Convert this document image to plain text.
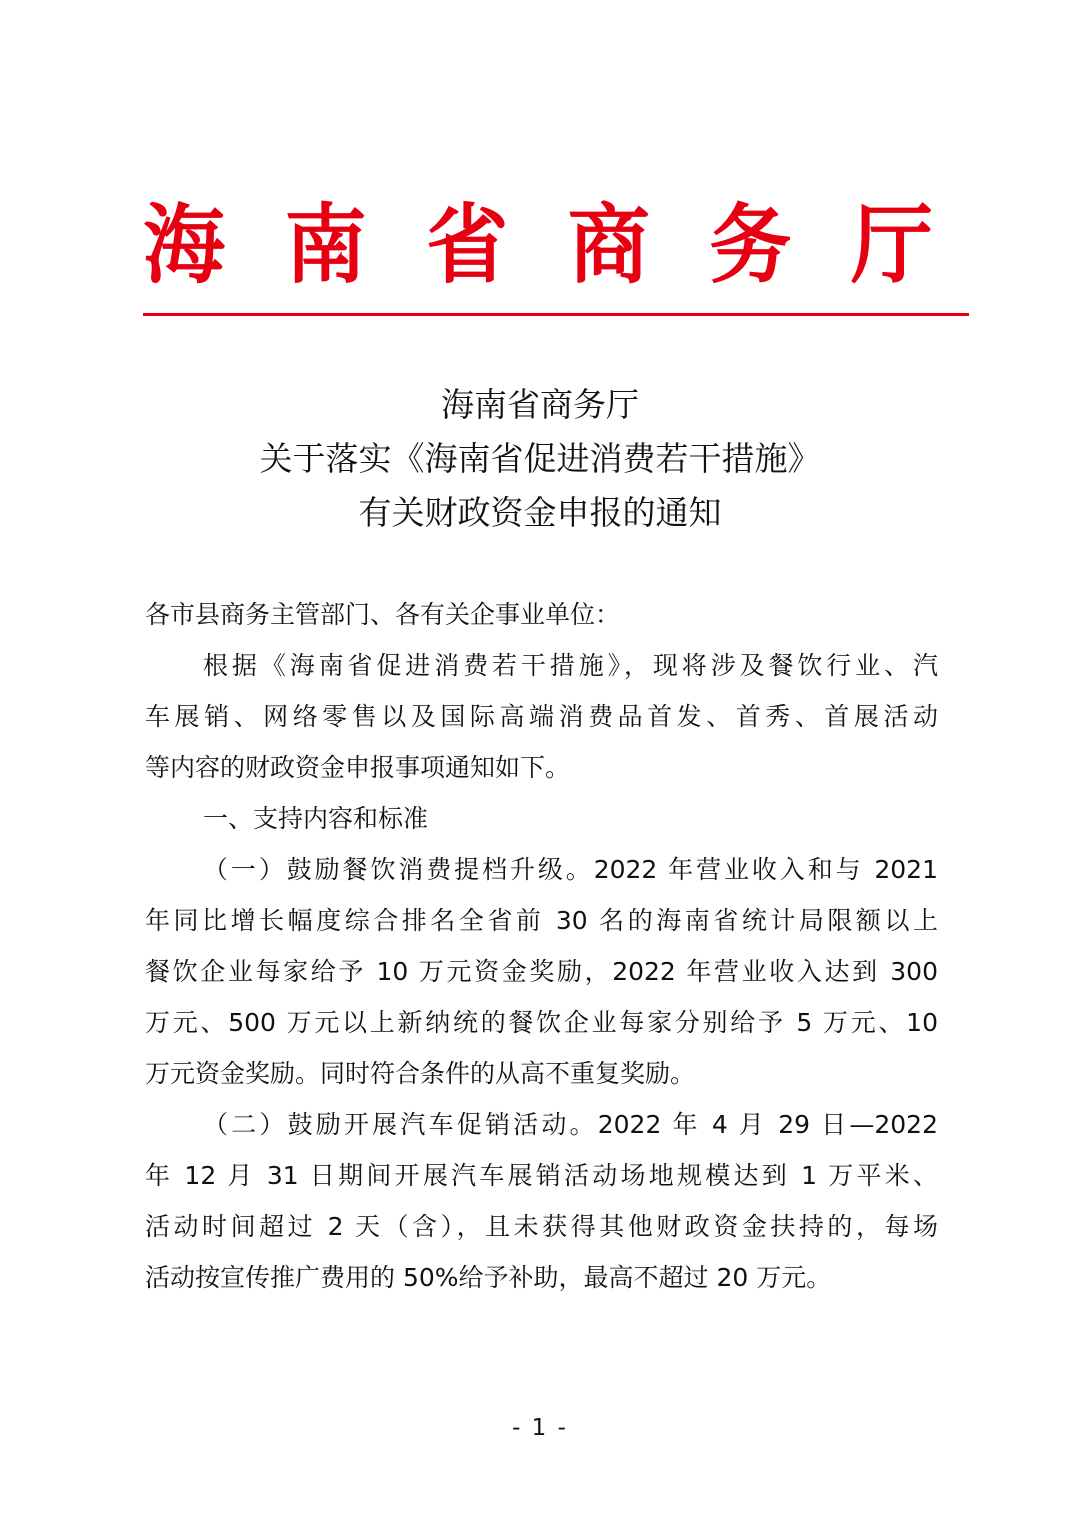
海 南 省 商 务 厅
海南省商务厅
关于落实《海南省促进消费若干措施》
有关财政资金申报的通知
各市县商务主管部门、各有关企事业单位：
根据《海南省促进消费若干措施》，现将涉及餐饮行业、汽
车展销、网络零售以及国际高端消费品首发、首秀、首展活动
等内容的财政资金申报事项通知如下。
一、支持内容和标准
（一）鼓励餐饮消费提档升级。2022 年营业收入和与 2021
年同比增长幅度综合排名全省前 30 名的海南省统计局限额以上
餐饮企业每家给予 10 万元资金奖励，2022 年营业收入达到 300
万元、500 万元以上新纳统的餐饮企业每家分别给予 5 万元、10
万元资金奖励。同时符合条件的从高不重复奖励。
（二）鼓励开展汽车促销活动。2022 年 4 月 29 日—2022
年 12 月 31 日期间开展汽车展销活动场地规模达到 1 万平米、
活动时间超过 2 天（含），且未获得其他财政资金扶持的，每场
活动按宣传推广费用的 50%给予补助，最高不超过 20 万元。
- 1 -
